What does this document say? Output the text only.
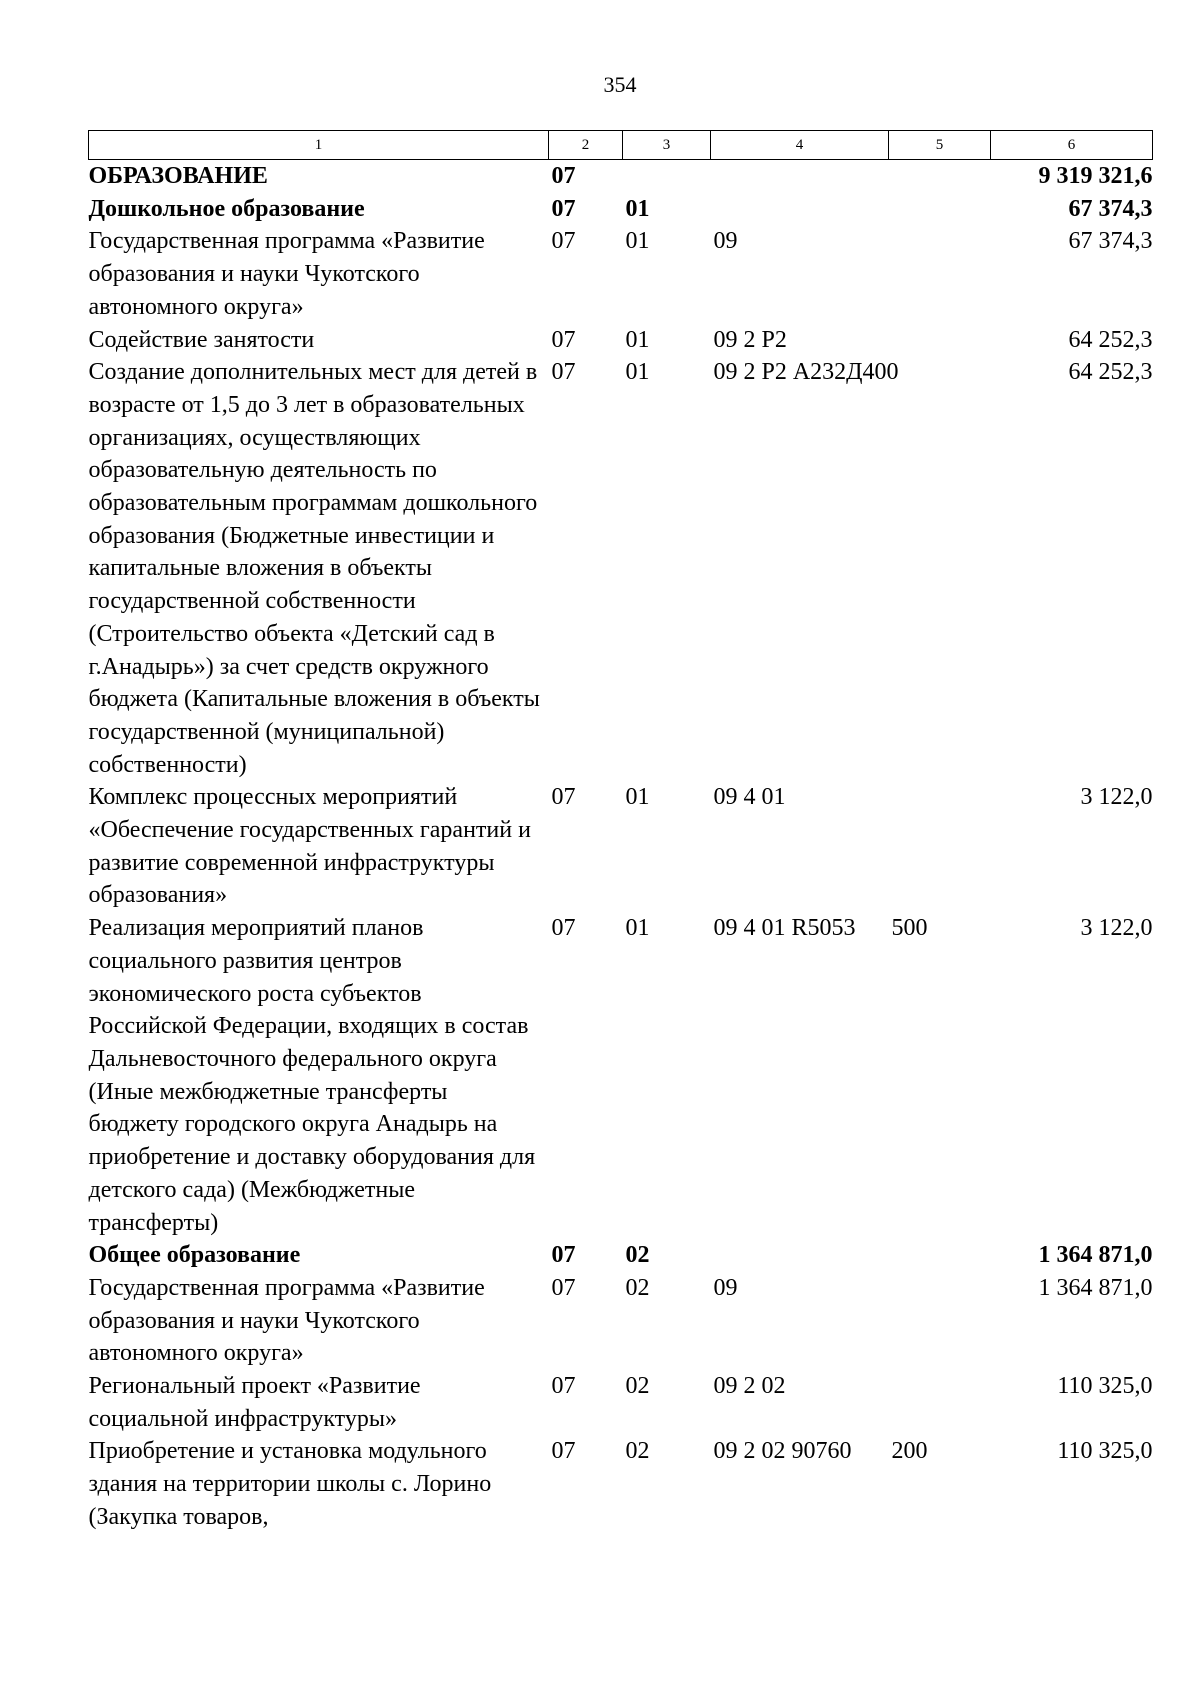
354
1	2	3	4	5	6
ОБРАЗОВАНИЕ	07				9 319 321,6
Дошкольное образование	07	01			67 374,3
Государственная программа «Развитие образования и науки Чукотского автономного округа»	07	01	09		67 374,3
Содействие занятости	07	01	09 2 Р2		64 252,3
Создание дополнительных мест для детей в возрасте от 1,5 до 3 лет в образовательных организациях, осуществляющих образовательную деятельность по образовательным программам дошкольного образования (Бюджетные инвестиции и капитальные вложения в объекты государственной собственности (Строительство объекта «Детский сад в г.Анадырь») за счет средств окружного бюджета (Капитальные вложения в объекты государственной (муниципальной) собственности)	07	01	09 2 Р2 А232Д400		64 252,3
Комплекс процессных мероприятий «Обеспечение государственных гарантий и развитие современной инфраструктуры образования»	07	01	09 4 01		3 122,0
Реализация мероприятий планов социального развития центров экономического роста субъектов Российской Федерации, входящих в состав Дальневосточного федерального округа (Иные межбюджетные трансферты бюджету городского округа Анадырь на приобретение и доставку оборудования для детского сада) (Межбюджетные трансферты)	07	01	09 4 01 R5053	500	3 122,0
Общее образование	07	02			1 364 871,0
Государственная программа «Развитие образования и науки Чукотского автономного округа»	07	02	09		1 364 871,0
Региональный проект «Развитие социальной инфраструктуры»	07	02	09 2 02		110 325,0
Приобретение и установка модульного здания на территории школы с. Лорино (Закупка товаров,	07	02	09 2 02 90760	200	110 325,0
